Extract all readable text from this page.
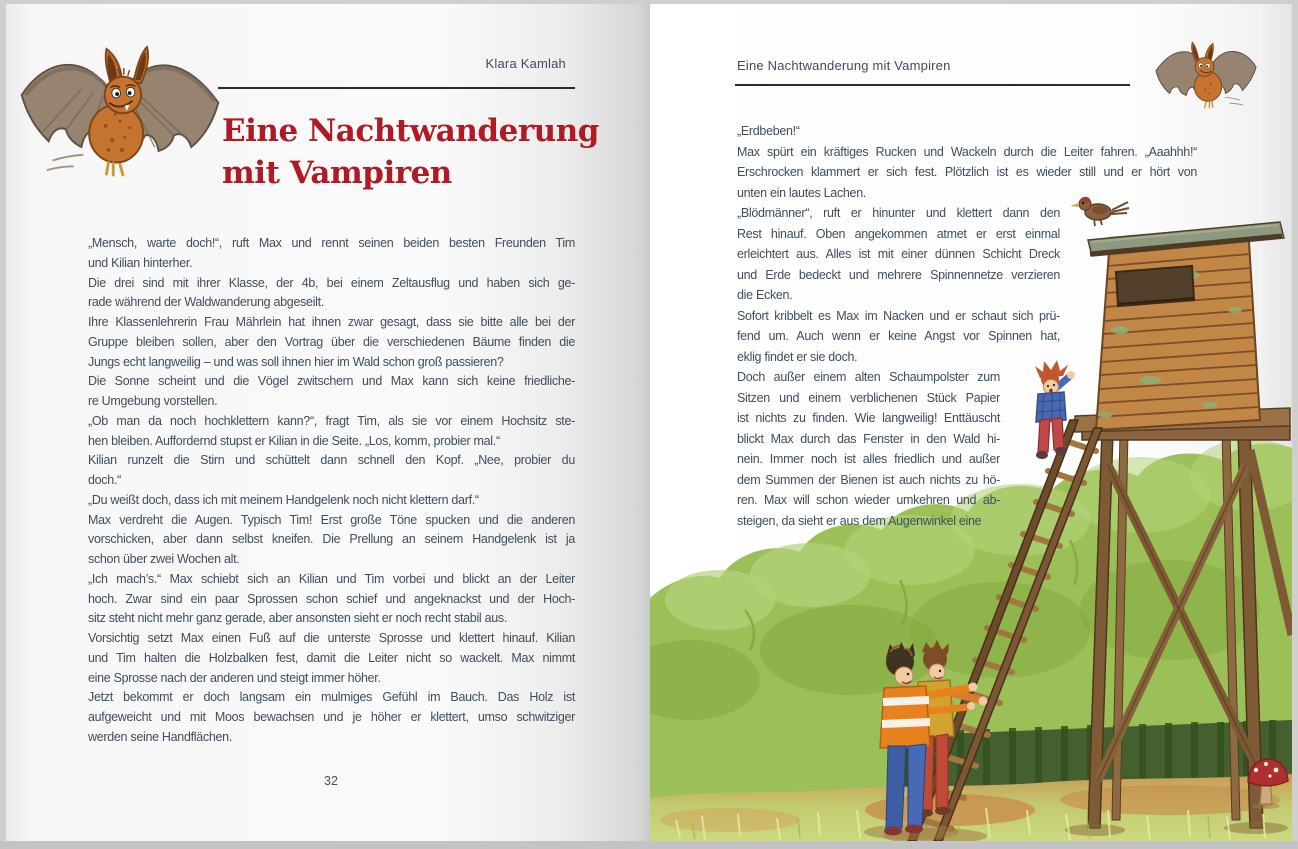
Klara Kamlah
Eine Nachtwanderung
mit Vampiren
„Mensch, warte doch!“, ruft Max und rennt seinen beiden besten Freunden Tim
und Kilian hinterher.
Die drei sind mit ihrer Klasse, der 4b, bei einem Zeltausflug und haben sich ge-
rade während der Waldwanderung abgeseilt.
Ihre Klassenlehrerin Frau Mährlein hat ihnen zwar gesagt, dass sie bitte alle bei der
Gruppe bleiben sollen, aber den Vortrag über die verschiedenen Bäume finden die
Jungs echt langweilig – und was soll ihnen hier im Wald schon groß passieren?
Die Sonne scheint und die Vögel zwitschern und Max kann sich keine friedliche-
re Umgebung vorstellen.
„Ob man da noch hochklettern kann?“, fragt Tim, als sie vor einem Hochsitz ste-
hen bleiben. Auffordernd stupst er Kilian in die Seite. „Los, komm, probier mal.“
Kilian runzelt die Stirn und schüttelt dann schnell den Kopf. „Nee, probier du
doch.“
„Du weißt doch, dass ich mit meinem Handgelenk noch nicht klettern darf.“
Max verdreht die Augen. Typisch Tim! Erst große Töne spucken und die anderen
vorschicken, aber dann selbst kneifen. Die Prellung an seinem Handgelenk ist ja
schon über zwei Wochen alt.
„Ich mach’s.“ Max schiebt sich an Kilian und Tim vorbei und blickt an der Leiter
hoch. Zwar sind ein paar Sprossen schon schief und angeknackst und der Hoch-
sitz steht nicht mehr ganz gerade, aber ansonsten sieht er noch recht stabil aus.
Vorsichtig setzt Max einen Fuß auf die unterste Sprosse und klettert hinauf. Kilian
und Tim halten die Holzbalken fest, damit die Leiter nicht so wackelt. Max nimmt
eine Sprosse nach der anderen und steigt immer höher.
Jetzt bekommt er doch langsam ein mulmiges Gefühl im Bauch. Das Holz ist
aufgeweicht und mit Moos bewachsen und je höher er klettert, umso schwitziger
werden seine Handflächen.
32
Eine Nachtwanderung mit Vampiren
„Erdbeben!“
Max spürt ein kräftiges Rucken und Wackeln durch die Leiter fahren. „Aaahhh!“
Erschrocken klammert er sich fest. Plötzlich ist es wieder still und er hört von
unten ein lautes Lachen.
„Blödmänner“, ruft er hinunter und klettert dann den
Rest hinauf. Oben angekommen atmet er erst einmal
erleichtert aus. Alles ist mit einer dünnen Schicht Dreck
und Erde bedeckt und mehrere Spinnennetze verzieren
die Ecken.
Sofort kribbelt es Max im Nacken und er schaut sich prü-
fend um. Auch wenn er keine Angst vor Spinnen hat,
eklig findet er sie doch.
Doch außer einem alten Schaumpolster zum
Sitzen und einem verblichenen Stück Papier
ist nichts zu finden. Wie langweilig! Enttäuscht
blickt Max durch das Fenster in den Wald hi-
nein. Immer noch ist alles friedlich und außer
dem Summen der Bienen ist auch nichts zu hö-
ren. Max will schon wieder umkehren und ab-
steigen, da sieht er aus dem Augenwinkel eine
